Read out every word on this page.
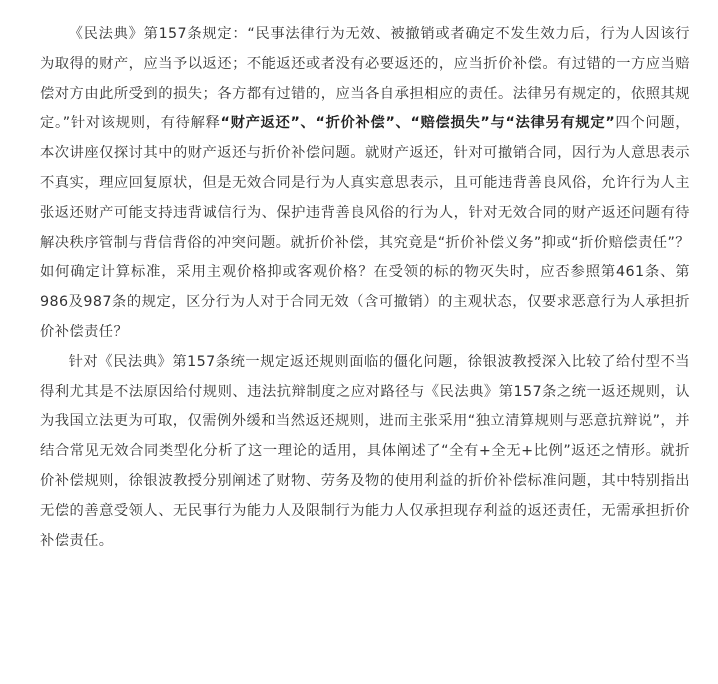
《民法典》第157条规定：“民事法律行为无效、被撤销或者确定不发生效力后，行为人因该行为取得的财产，应当予以返还；不能返还或者没有必要返还的，应当折价补偿。有过错的一方应当赔偿对方由此所受到的损失；各方都有过错的，应当各自承担相应的责任。法律另有规定的，依照其规定。”针对该规则，有待解释“财产返还”、“折价补偿”、“赔偿损失”与“法律另有规定”四个问题，本次讲座仅探讨其中的财产返还与折价补偿问题。就财产返还，针对可撤销合同，因行为人意思表示不真实，理应回复原状，但是无效合同是行为人真实意思表示，且可能违背善良风俗，允许行为人主张返还财产可能支持违背诚信行为、保护违背善良风俗的行为人，针对无效合同的财产返还问题有待解决秩序管制与背信背俗的冲突问题。就折价补偿，其究竟是“折价补偿义务”抑或“折价赔偿责任”？如何确定计算标准，采用主观价格抑或客观价格？在受领的标的物灭失时，应否参照第461条、第986及987条的规定，区分行为人对于合同无效（含可撤销）的主观状态，仅要求恶意行为人承担折价补偿责任？

针对《民法典》第157条统一规定返还规则面临的僵化问题，徐银波教授深入比较了给付型不当得利尤其是不法原因给付规则、违法抗辩制度之应对路径与《民法典》第157条之统一返还规则，认为我国立法更为可取，仅需例外缓和当然返还规则，进而主张采用“独立清算规则与恶意抗辩说”，并结合常见无效合同类型化分析了这一理论的适用，具体阐述了“全有+全无+比例”返还之情形。就折价补偿规则，徐银波教授分别阐述了财物、劳务及物的使用利益的折价补偿标准问题，其中特别指出无偿的善意受领人、无民事行为能力人及限制行为能力人仅承担现存利益的返还责任，无需承担折价补偿责任。
